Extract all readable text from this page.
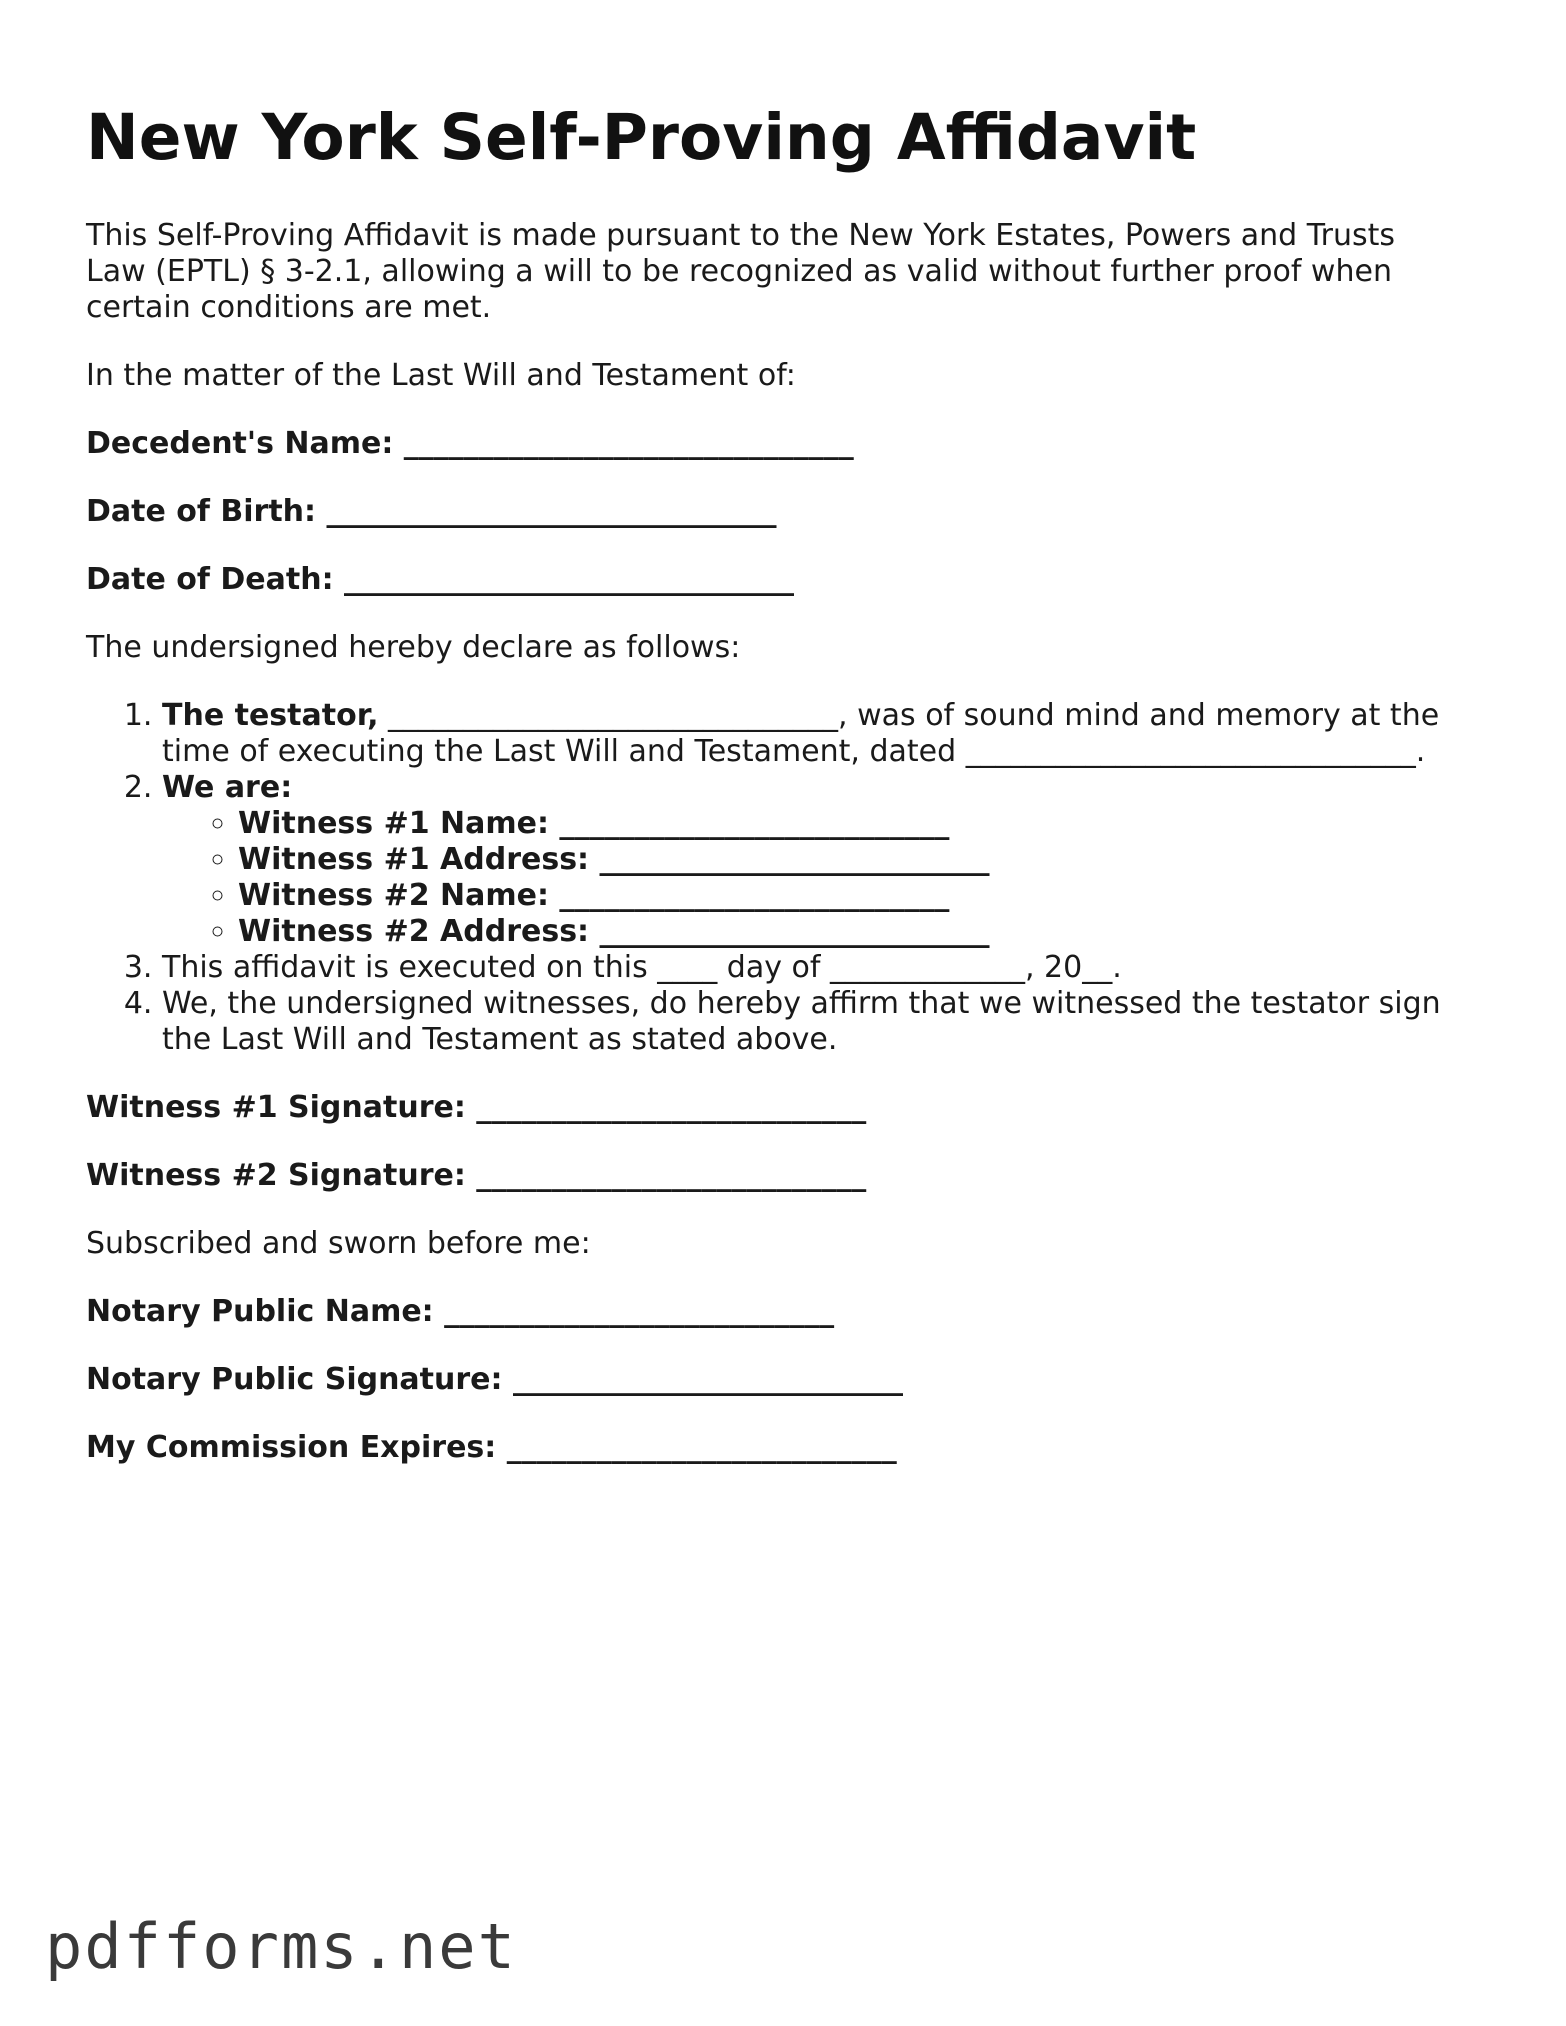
New York Self-Proving Affidavit

This Self-Proving Affidavit is made pursuant to the New York Estates, Powers and Trusts Law (EPTL) § 3-2.1, allowing a will to be recognized as valid without further proof when certain conditions are met.

In the matter of the Last Will and Testament of:

Decedent's Name: ______________________________

Date of Birth: ______________________________

Date of Death: ______________________________

The undersigned hereby declare as follows:

1. The testator, ______________________________, was of sound mind and memory at the time of executing the Last Will and Testament, dated ______________________________.
2. We are:
◦ Witness #1 Name: __________________________
◦ Witness #1 Address: __________________________
◦ Witness #2 Name: __________________________
◦ Witness #2 Address: __________________________
3. This affidavit is executed on this ____ day of _____________, 20__.
4. We, the undersigned witnesses, do hereby affirm that we witnessed the testator sign the Last Will and Testament as stated above.

Witness #1 Signature: __________________________

Witness #2 Signature: __________________________

Subscribed and sworn before me:

Notary Public Name: __________________________

Notary Public Signature: __________________________

My Commission Expires: __________________________

pdfforms.net
